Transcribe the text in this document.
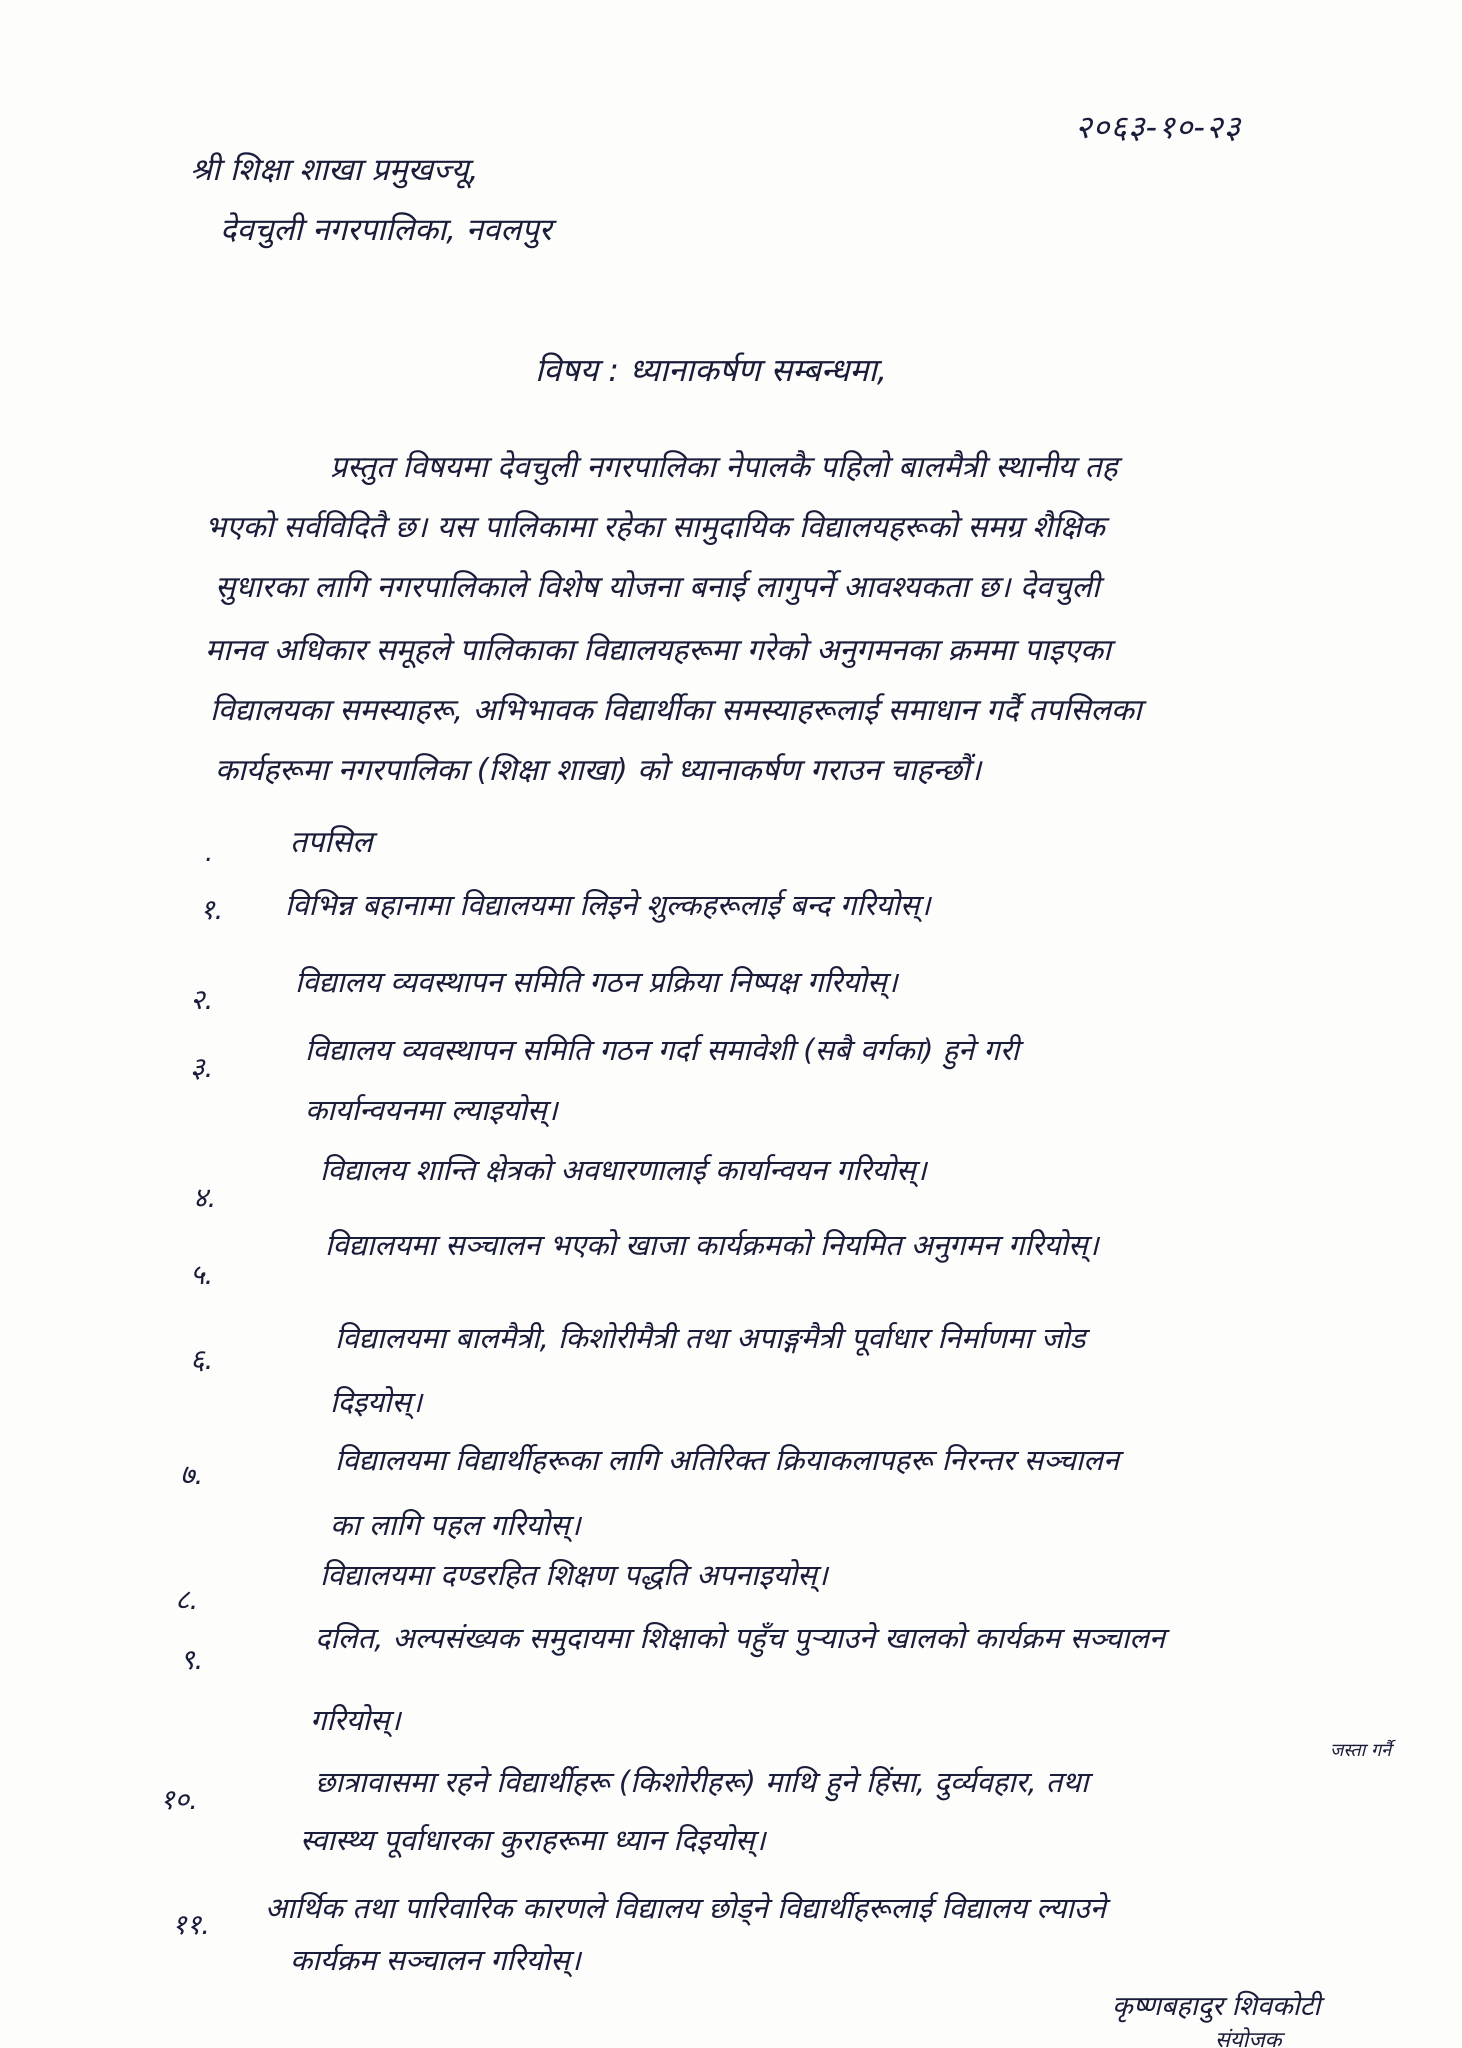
२०६३-१०-२३
श्री शिक्षा शाखा प्रमुखज्यू,
देवचुली नगरपालिका, नवलपुर
विषय : ध्यानाकर्षण सम्बन्धमा,
प्रस्तुत विषयमा देवचुली नगरपालिका नेपालकै पहिलो बालमैत्री स्थानीय तह
भएको सर्वविदितै छ। यस पालिकामा रहेका सामुदायिक विद्यालयहरूको समग्र शैक्षिक
सुधारका लागि नगरपालिकाले विशेष योजना बनाई लागुपर्ने आवश्यकता छ। देवचुली
मानव अधिकार समूहले पालिकाका विद्यालयहरूमा गरेको अनुगमनका क्रममा पाइएका
विद्यालयका समस्याहरू, अभिभावक विद्यार्थीका समस्याहरूलाई समाधान गर्दै तपसिलका
कार्यहरूमा नगरपालिका (शिक्षा शाखा) को ध्यानाकर्षण गराउन चाहन्छौं।
तपसिल
.
१. विभिन्न बहानामा विद्यालयमा लिइने शुल्कहरूलाई बन्द गरियोस्।
२.
विद्यालय व्यवस्थापन समिति गठन प्रक्रिया निष्पक्ष गरियोस्।
३.
विद्यालय व्यवस्थापन समिति गठन गर्दा समावेशी (सबै वर्गका) हुने गरी
कार्यान्वयनमा ल्याइयोस्।
४.
विद्यालय शान्ति क्षेत्रको अवधारणालाई कार्यान्वयन गरियोस्।
५.
विद्यालयमा सञ्चालन भएको खाजा कार्यक्रमको नियमित अनुगमन गरियोस्।
६.
विद्यालयमा बालमैत्री, किशोरीमैत्री तथा अपाङ्गमैत्री पूर्वाधार निर्माणमा जोड
दिइयोस्।
७.	विद्यालयमा विद्यार्थीहरूका लागि अतिरिक्त क्रियाकलापहरू निरन्तर सञ्चालन
का लागि पहल गरियोस्।
८.
विद्यालयमा दण्डरहित शिक्षण पद्धति अपनाइयोस्।
९.
दलित, अल्पसंख्यक समुदायमा शिक्षाको पहुँच पुर्‍याउने खालको कार्यक्रम सञ्चालन
गरियोस्।
१०.
छात्रावासमा रहने विद्यार्थीहरू (किशोरीहरू) माथि हुने हिंसा, दुर्व्यवहार, तथा
जस्ता गर्नै
स्वास्थ्य पूर्वाधारका कुराहरूमा ध्यान दिइयोस्।
११. आर्थिक तथा पारिवारिक कारणले विद्यालय छोड्ने विद्यार्थीहरूलाई विद्यालय ल्याउने
कार्यक्रम सञ्चालन गरियोस्।
कृष्णबहादुर शिवकोटी
संयोजक
